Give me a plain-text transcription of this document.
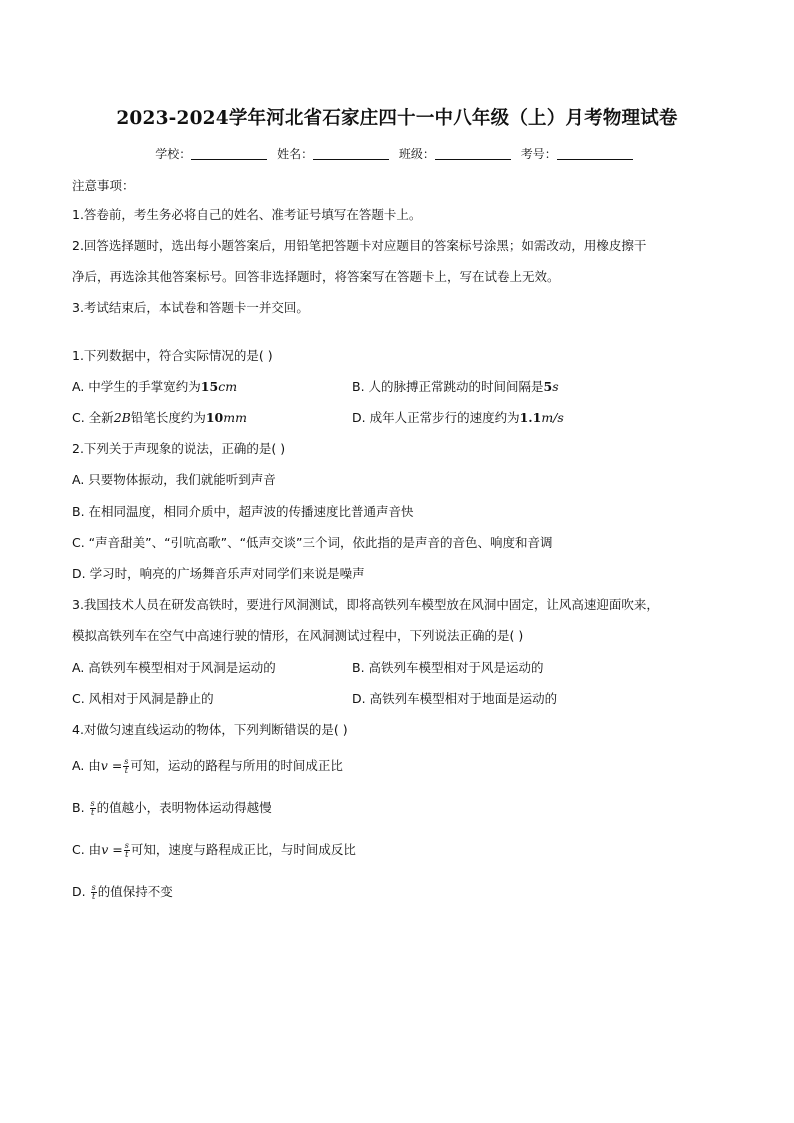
2023-2024学年河北省石家庄四十一中八年级（上）月考物理试卷
学校：	姓名：	班级：	考号：
注意事项：
1.答卷前，考生务必将自己的姓名、准考证号填写在答题卡上。
2.回答选择题时，选出每小题答案后，用铅笔把答题卡对应题目的答案标号涂黑；如需改动，用橡皮擦干
净后，再选涂其他答案标号。回答非选择题时，将答案写在答题卡上，写在试卷上无效。
3.考试结束后，本试卷和答题卡一并交回。
1.下列数据中，符合实际情况的是( )
A. 中学生的手掌宽约为15cm	B. 人的脉搏正常跳动的时间间隔是5s
C. 全新2B铅笔长度约为10mm	D. 成年人正常步行的速度约为1.1m/s
2.下列关于声现象的说法，正确的是( )
A. 只要物体振动，我们就能听到声音
B. 在相同温度，相同介质中，超声波的传播速度比普通声音快
C. “声音甜美”、“引吭高歌”、“低声交谈”三个词，依此指的是声音的音色、响度和音调
D. 学习时，响亮的广场舞音乐声对同学们来说是噪声
3.我国技术人员在研发高铁时，要进行风洞测试，即将高铁列车模型放在风洞中固定，让风高速迎面吹来，
模拟高铁列车在空气中高速行驶的情形，在风洞测试过程中，下列说法正确的是( )
A. 高铁列车模型相对于风洞是运动的	B. 高铁列车模型相对于风是运动的
C. 风相对于风洞是静止的	D. 高铁列车模型相对于地面是运动的
4.对做匀速直线运动的物体，下列判断错误的是( )
A. 由$v = \frac{s}{t}$ 可知，运动的路程与所用的时间成正比
B. $\frac{s}{t}$ 的值越小，表明物体运动得越慢
C. 由$v = \frac{s}{t}$ 可知，速度与路程成正比，与时间成反比
D. $\frac{s}{t}$ 的值保持不变
